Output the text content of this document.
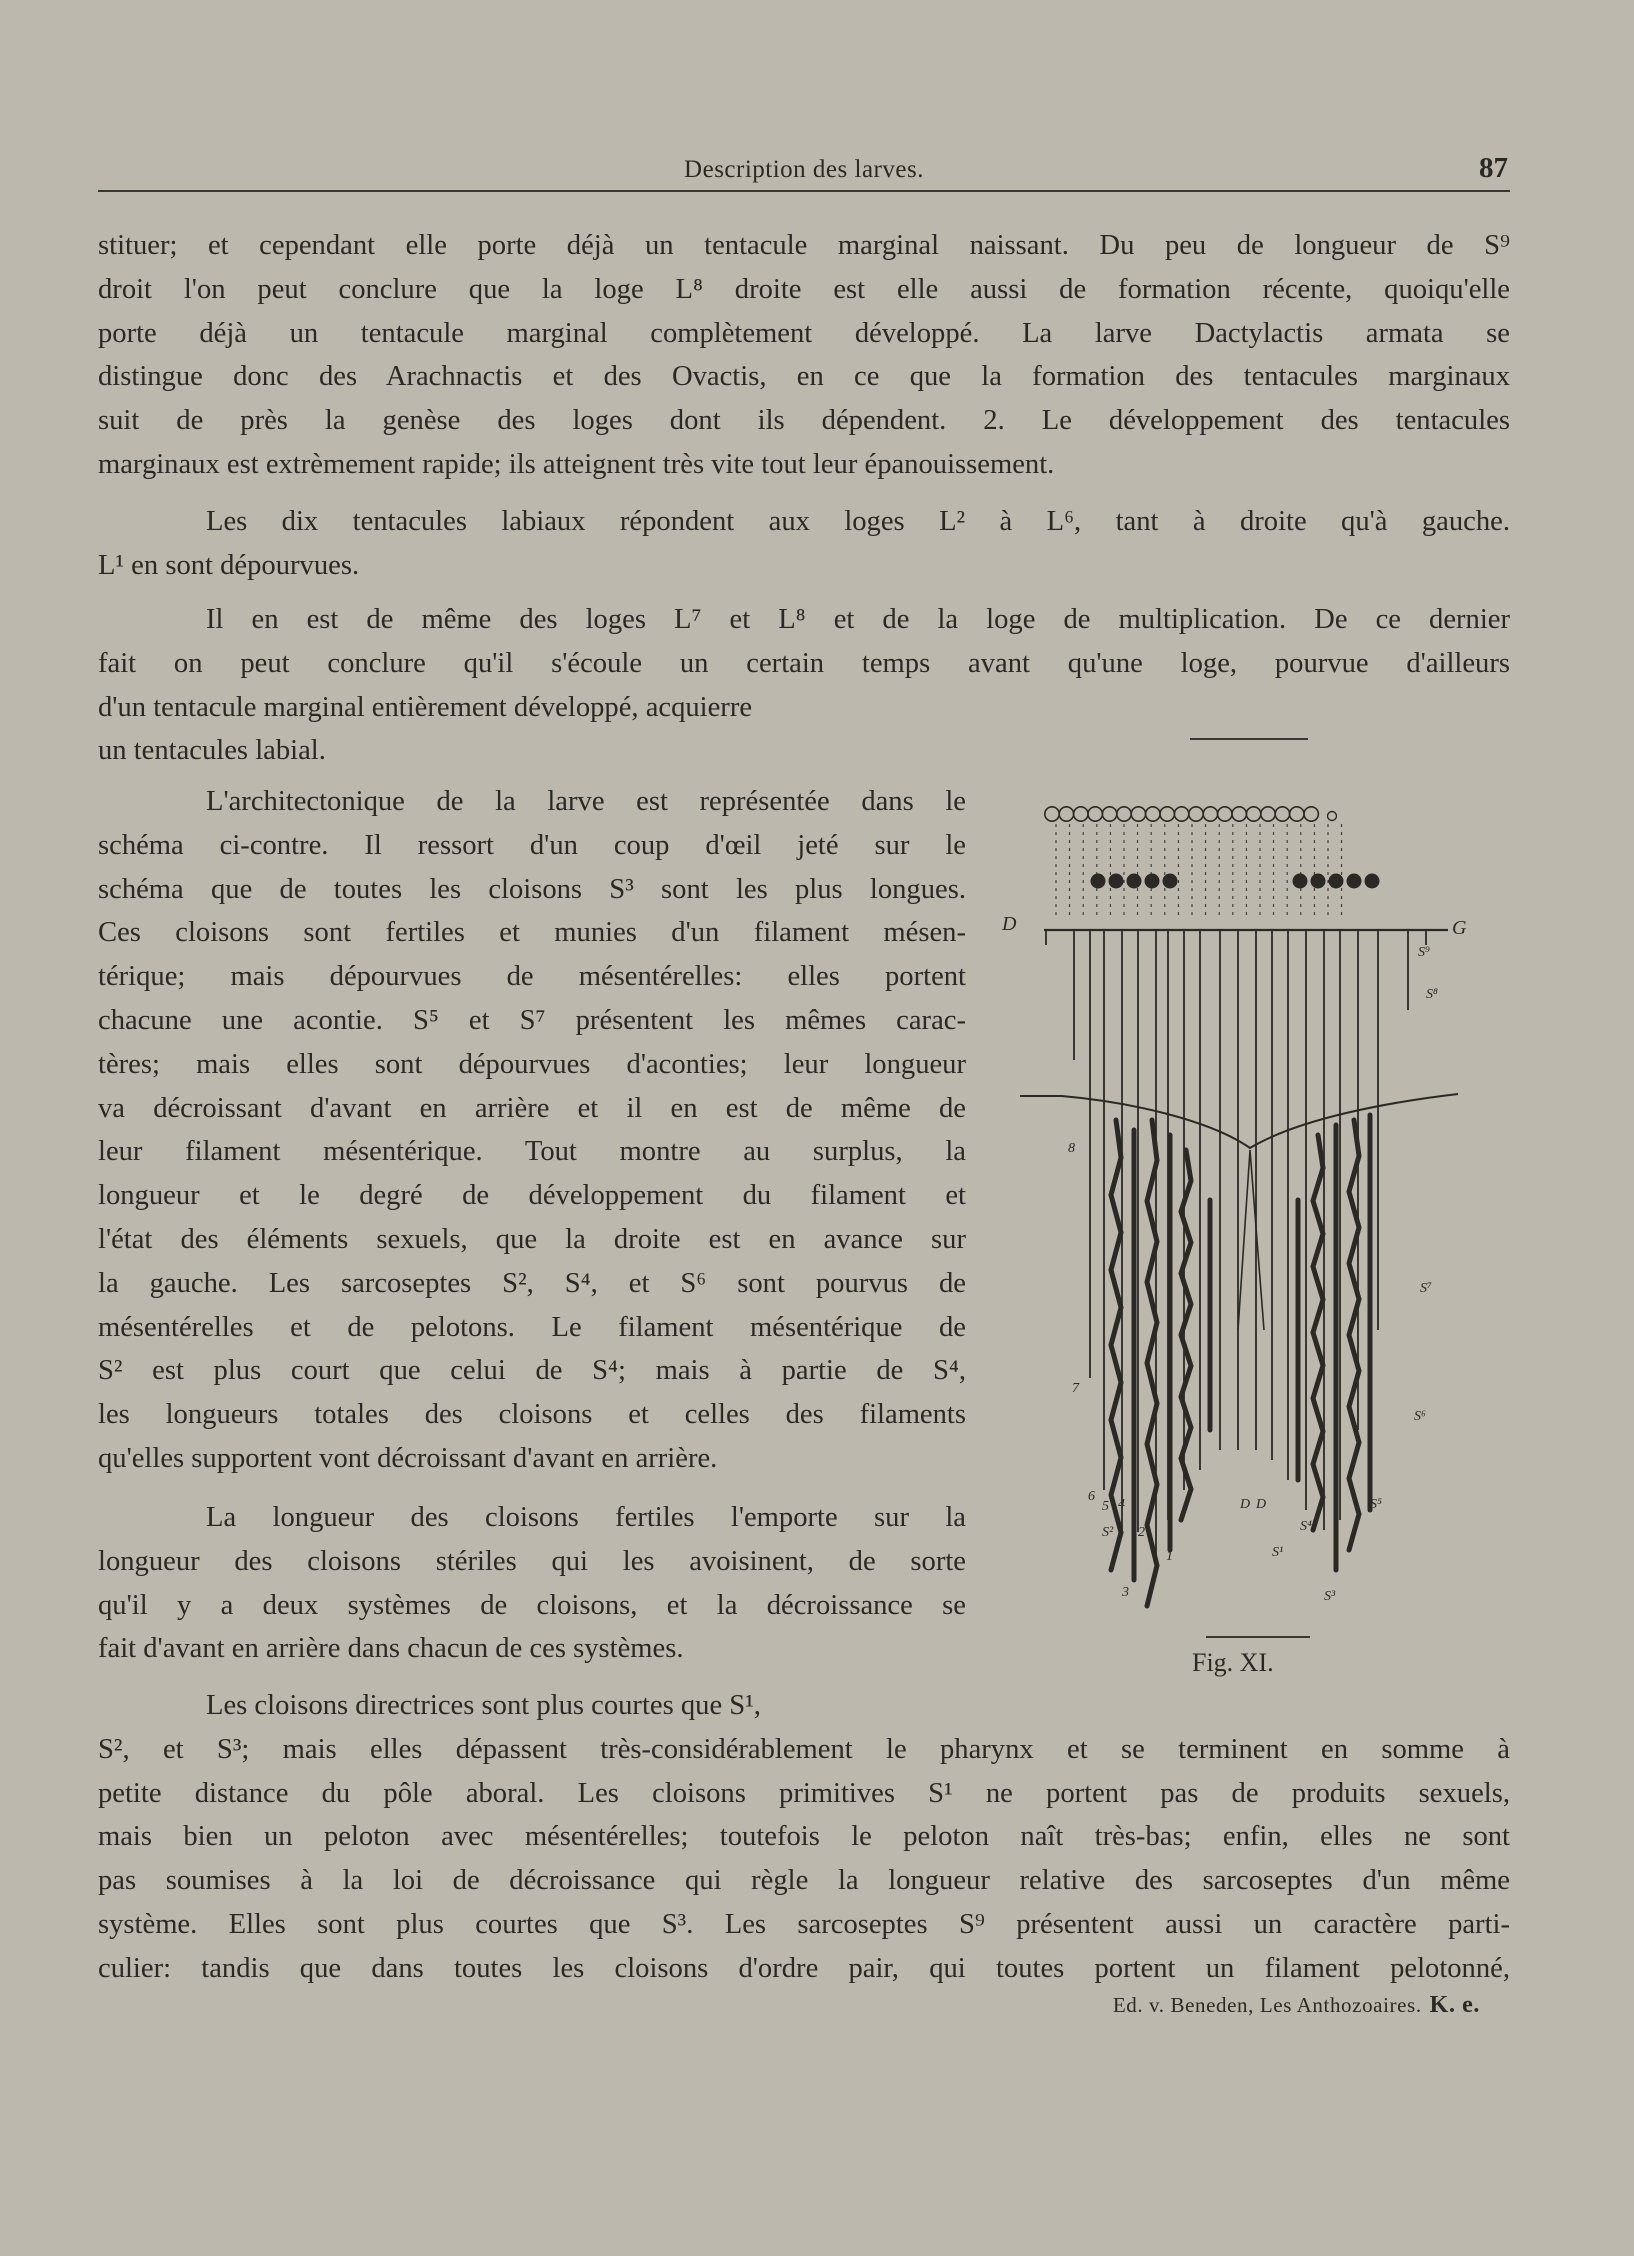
Description des larves.	87
stituer; et cependant elle porte déjà un tentacule marginal naissant. Du peu de longueur de S⁹
droit l'on peut conclure que la loge L⁸ droite est elle aussi de formation récente, quoiqu'elle
porte déjà un tentacule marginal complètement développé. La larve Dactylactis armata se
distingue donc des Arachnactis et des Ovactis, en ce que la formation des tentacules marginaux
suit de près la genèse des loges dont ils dépendent. 2. Le développement des tentacules
marginaux est extrèmement rapide; ils atteignent très vite tout leur épanouissement.
Les dix tentacules labiaux répondent aux loges L² à L⁶, tant à droite qu'à gauche.
L¹ en sont dépourvues.
Il en est de même des loges L⁷ et L⁸ et de la loge de multiplication. De ce dernier
fait on peut conclure qu'il s'écoule un certain temps avant qu'une loge, pourvue d'ailleurs
d'un tentacule marginal entièrement développé, acquierre
un tentacules labial.
L'architectonique de la larve est représentée dans le
schéma ci-contre. Il ressort d'un coup d'œil jeté sur le
schéma que de toutes les cloisons S³ sont les plus longues.
Ces cloisons sont fertiles et munies d'un filament mésen-
térique; mais dépourvues de mésentérelles: elles portent
chacune une acontie. S⁵ et S⁷ présentent les mêmes carac-
tères; mais elles sont dépourvues d'aconties; leur longueur
va décroissant d'avant en arrière et il en est de même de
leur filament mésentérique. Tout montre au surplus, la
longueur et le degré de développement du filament et
l'état des éléments sexuels, que la droite est en avance sur
la gauche. Les sarcoseptes S², S⁴, et S⁶ sont pourvus de
mésentérelles et de pelotons. Le filament mésentérique de
S² est plus court que celui de S⁴; mais à partie de S⁴,
les longueurs totales des cloisons et celles des filaments
qu'elles supportent vont décroissant d'avant en arrière.
La longueur des cloisons fertiles l'emporte sur la
longueur des cloisons stériles qui les avoisinent, de sorte
qu'il y a deux systèmes de cloisons, et la décroissance se
fait d'avant en arrière dans chacun de ces systèmes.
Les cloisons directrices sont plus courtes que S¹,
S², et S³; mais elles dépassent très-considérablement le pharynx et se terminent en somme à
petite distance du pôle aboral. Les cloisons primitives S¹ ne portent pas de produits sexuels,
mais bien un peloton avec mésentérelles; toutefois le peloton naît très-bas; enfin, elles ne sont
pas soumises à la loi de décroissance qui règle la longueur relative des sarcoseptes d'un même
système. Elles sont plus courtes que S³. Les sarcoseptes S⁹ présentent aussi un caractère parti-
culier: tandis que dans toutes les cloisons d'ordre pair, qui toutes portent un filament pelotonné,
D	G
S⁹
S⁸
S⁷
S⁶
S⁵
S⁴
S³
S²
S¹
8
7
6
5 4
3
2
1
D D
Fig. XI.
Ed. v. Beneden, Les Anthozoaires. K. e.
